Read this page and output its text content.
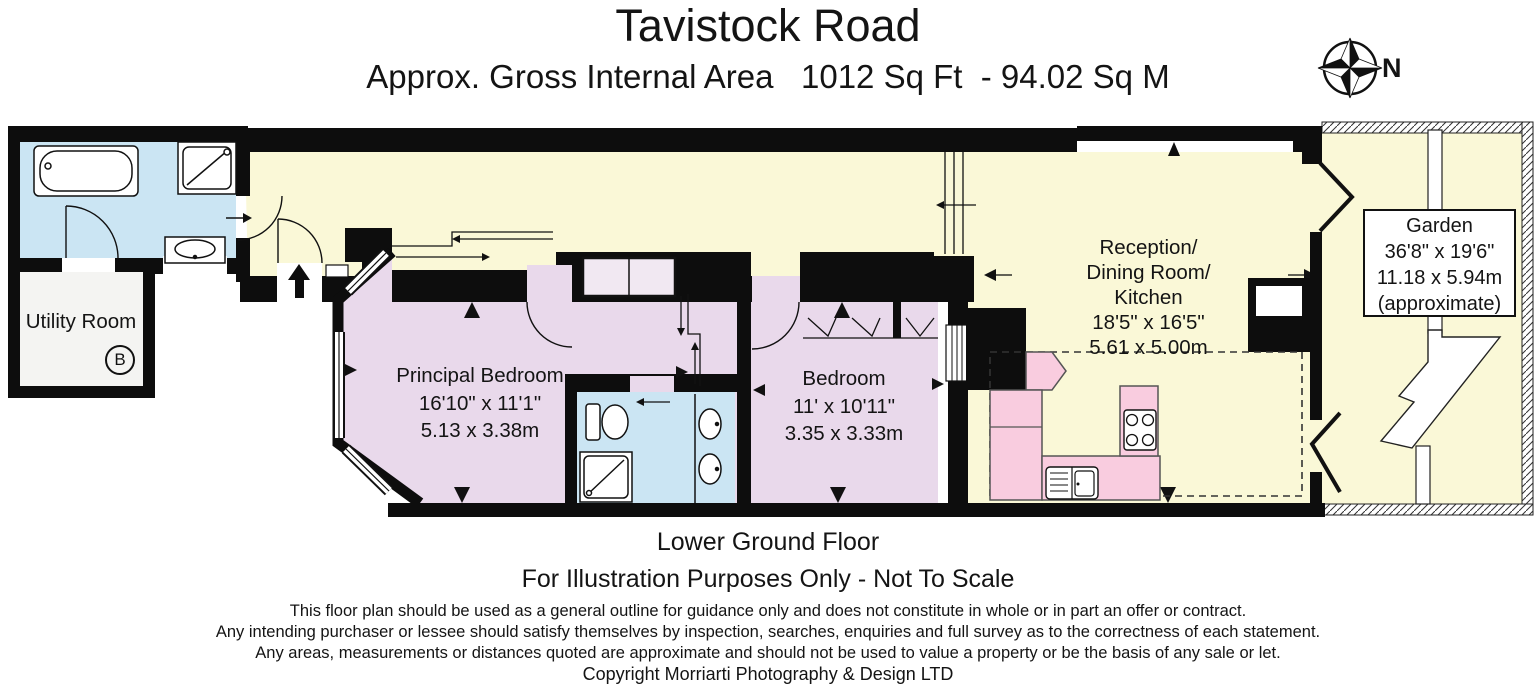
Tavistock Road
Approx. Gross Internal Area   1012 Sq Ft  - 94.02 Sq M	N
Utility Room
B
Principal Bedroom
16'10" x 11'1"
5.13 x 3.38m
Bedroom
11' x 10'11"
3.35 x 3.33m
Reception/
Dining Room/
Kitchen
18'5" x 16'5"
5.61 x 5.00m
Garden
36'8" x 19'6"
11.18 x 5.94m
(approximate)
Lower Ground Floor
For Illustration Purposes Only - Not To Scale
This floor plan should be used as a general outline for guidance only and does not constitute in whole or in part an offer or contract.
Any intending purchaser or lessee should satisfy themselves by inspection, searches, enquiries and full survey as to the correctness of each statement.
Any areas, measurements or distances quoted are approximate and should not be used to value a property or be the basis of any sale or let.
Copyright Morriarti Photography & Design LTD
